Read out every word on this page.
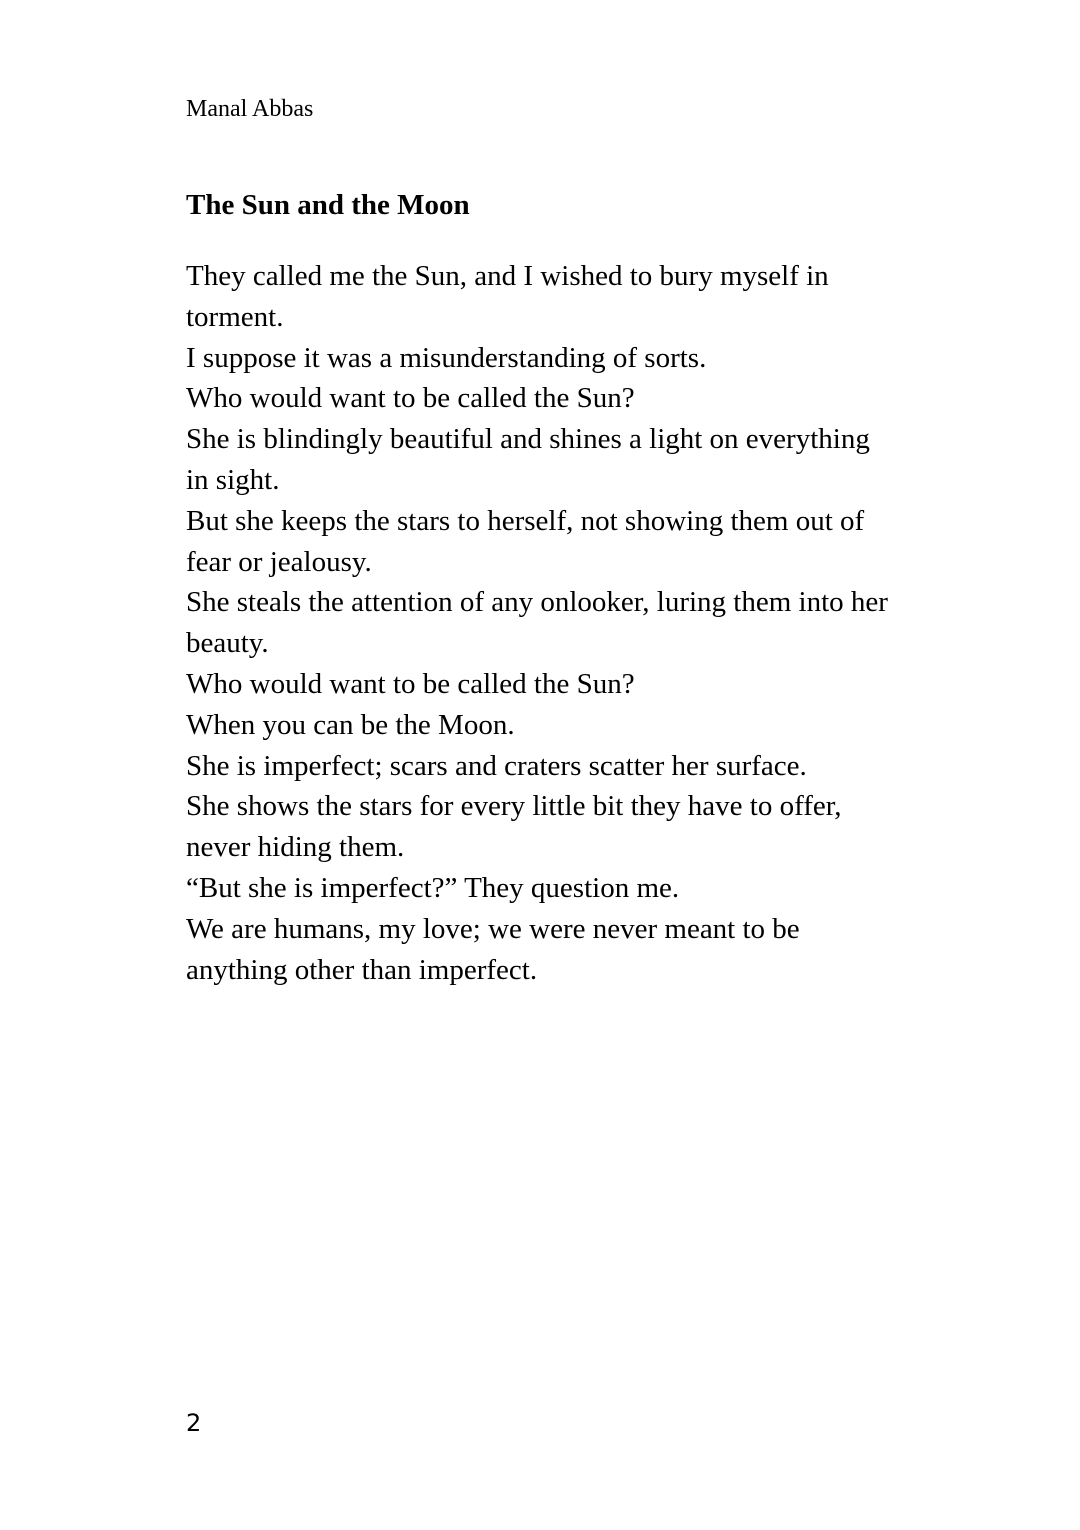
Manal Abbas
The Sun and the Moon
They called me the Sun, and I wished to bury myself in torment.
I suppose it was a misunderstanding of sorts.
Who would want to be called the Sun?
She is blindingly beautiful and shines a light on everything in sight.
But she keeps the stars to herself, not showing them out of fear or jealousy.
She steals the attention of any onlooker, luring them into her beauty.
Who would want to be called the Sun?
When you can be the Moon.
She is imperfect; scars and craters scatter her surface.
She shows the stars for every little bit they have to offer, never hiding them.
“But she is imperfect?” They question me.
We are humans, my love; we were never meant to be anything other than imperfect.
2
